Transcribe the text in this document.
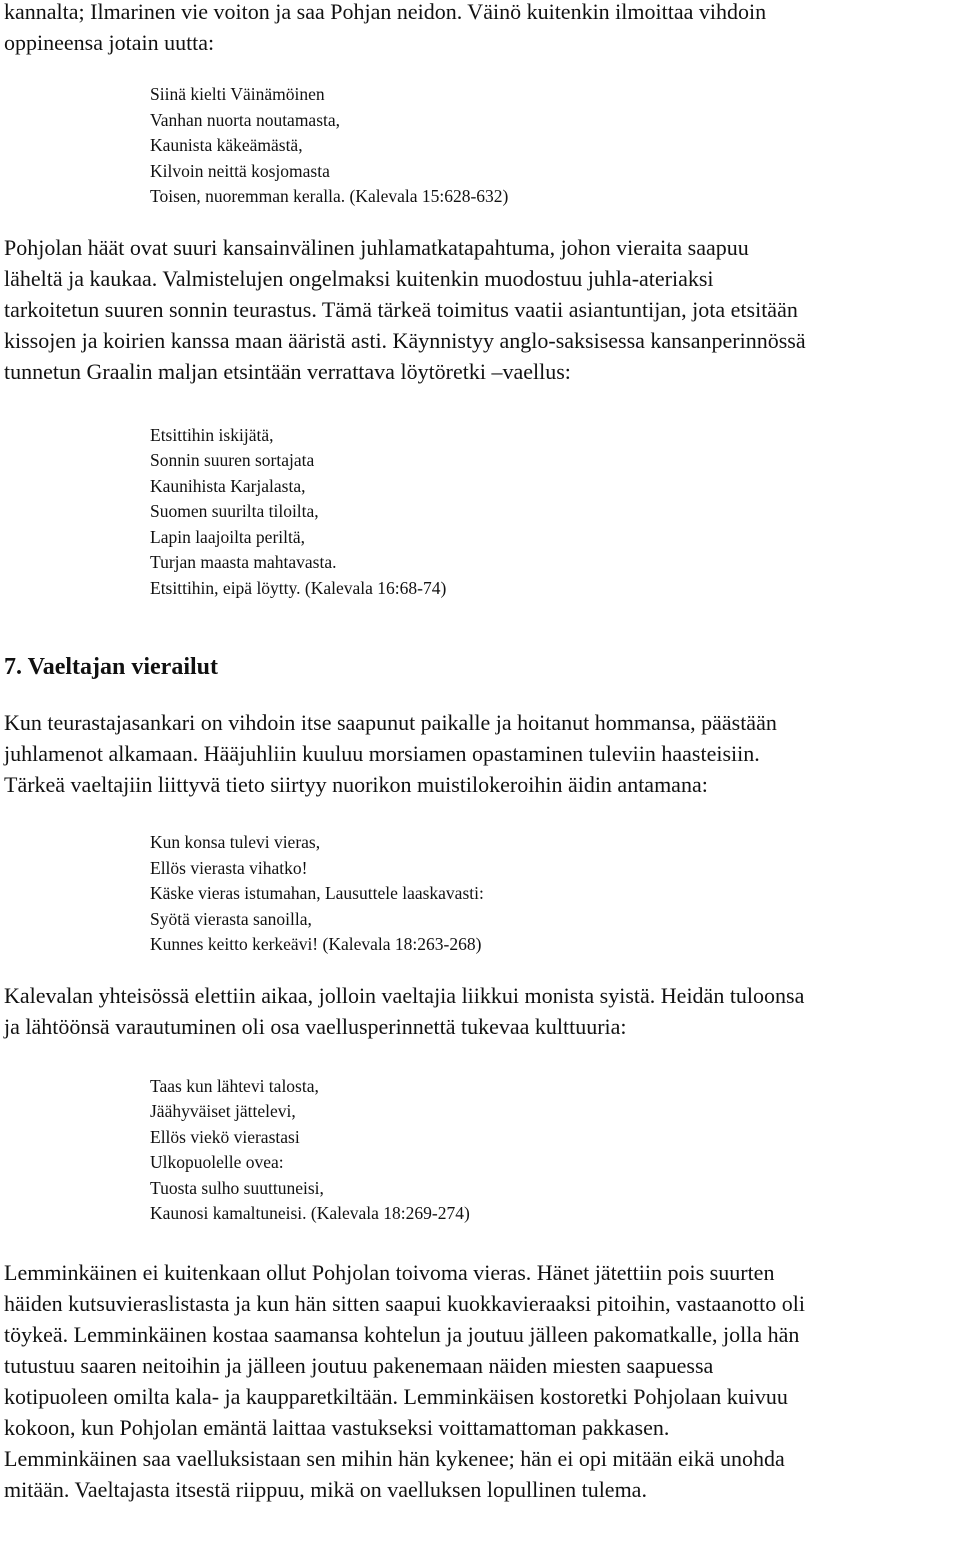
kannalta; Ilmarinen vie voiton ja saa Pohjan neidon. Väinö kuitenkin ilmoittaa vihdoin
oppineensa jotain uutta:

Siinä kielti Väinämöinen
Vanhan nuorta noutamasta,
Kaunista käkeämästä,
Kilvoin neittä kosjomasta
Toisen, nuoremman keralla. (Kalevala 15:628-632)

Pohjolan häät ovat suuri kansainvälinen juhlamatkatapahtuma, johon vieraita saapuu
läheltä ja kaukaa. Valmistelujen ongelmaksi kuitenkin muodostuu juhla-ateriaksi
tarkoitetun suuren sonnin teurastus. Tämä tärkeä toimitus vaatii asiantuntijan, jota etsitään
kissojen ja koirien kanssa maan ääristä asti. Käynnistyy anglo-saksisessa kansanperinnössä
tunnetun Graalin maljan etsintään verrattava löytöretki –vaellus:

Etsittihin iskijätä,
Sonnin suuren sortajata
Kaunihista Karjalasta,
Suomen suurilta tiloilta,
Lapin laajoilta periltä,
Turjan maasta mahtavasta.
Etsittihin, eipä löytty. (Kalevala 16:68-74)
7. Vaeltajan vierailut

Kun teurastajasankari on vihdoin itse saapunut paikalle ja hoitanut hommansa, päästään
juhlamenot alkamaan. Hääjuhliin kuuluu morsiamen opastaminen tuleviin haasteisiin.
Tärkeä vaeltajiin liittyvä tieto siirtyy nuorikon muistilokeroihin äidin antamana:

Kun konsa tulevi vieras,
Ellös vierasta vihatko!
Käske vieras istumahan, Lausuttele laaskavasti:
Syötä vierasta sanoilla,
Kunnes keitto kerkeävi! (Kalevala 18:263-268)

Kalevalan yhteisössä elettiin aikaa, jolloin vaeltajia liikkui monista syistä. Heidän tuloonsa
ja lähtöönsä varautuminen oli osa vaellusperinnettä tukevaa kulttuuria:

Taas kun lähtevi talosta,
Jäähyväiset jättelevi,
Ellös viekö vierastasi
Ulkopuolelle ovea:
Tuosta sulho suuttuneisi,
Kaunosi kamaltuneisi. (Kalevala 18:269-274)

Lemminkäinen ei kuitenkaan ollut Pohjolan toivoma vieras. Hänet jätettiin pois suurten
häiden kutsuvieraslistasta ja kun hän sitten saapui kuokkavieraaksi pitoihin, vastaanotto oli
töykeä. Lemminkäinen kostaa saamansa kohtelun ja joutuu jälleen pakomatkalle, jolla hän
tutustuu saaren neitoihin ja jälleen joutuu pakenemaan näiden miesten saapuessa
kotipuoleen omilta kala- ja kaupparetkiltään. Lemminkäisen kostoretki Pohjolaan kuivuu
kokoon, kun Pohjolan emäntä laittaa vastukseksi voittamattoman pakkasen.
Lemminkäinen saa vaelluksistaan sen mihin hän kykenee; hän ei opi mitään eikä unohda
mitään. Vaeltajasta itsestä riippuu, mikä on vaelluksen lopullinen tulema.
